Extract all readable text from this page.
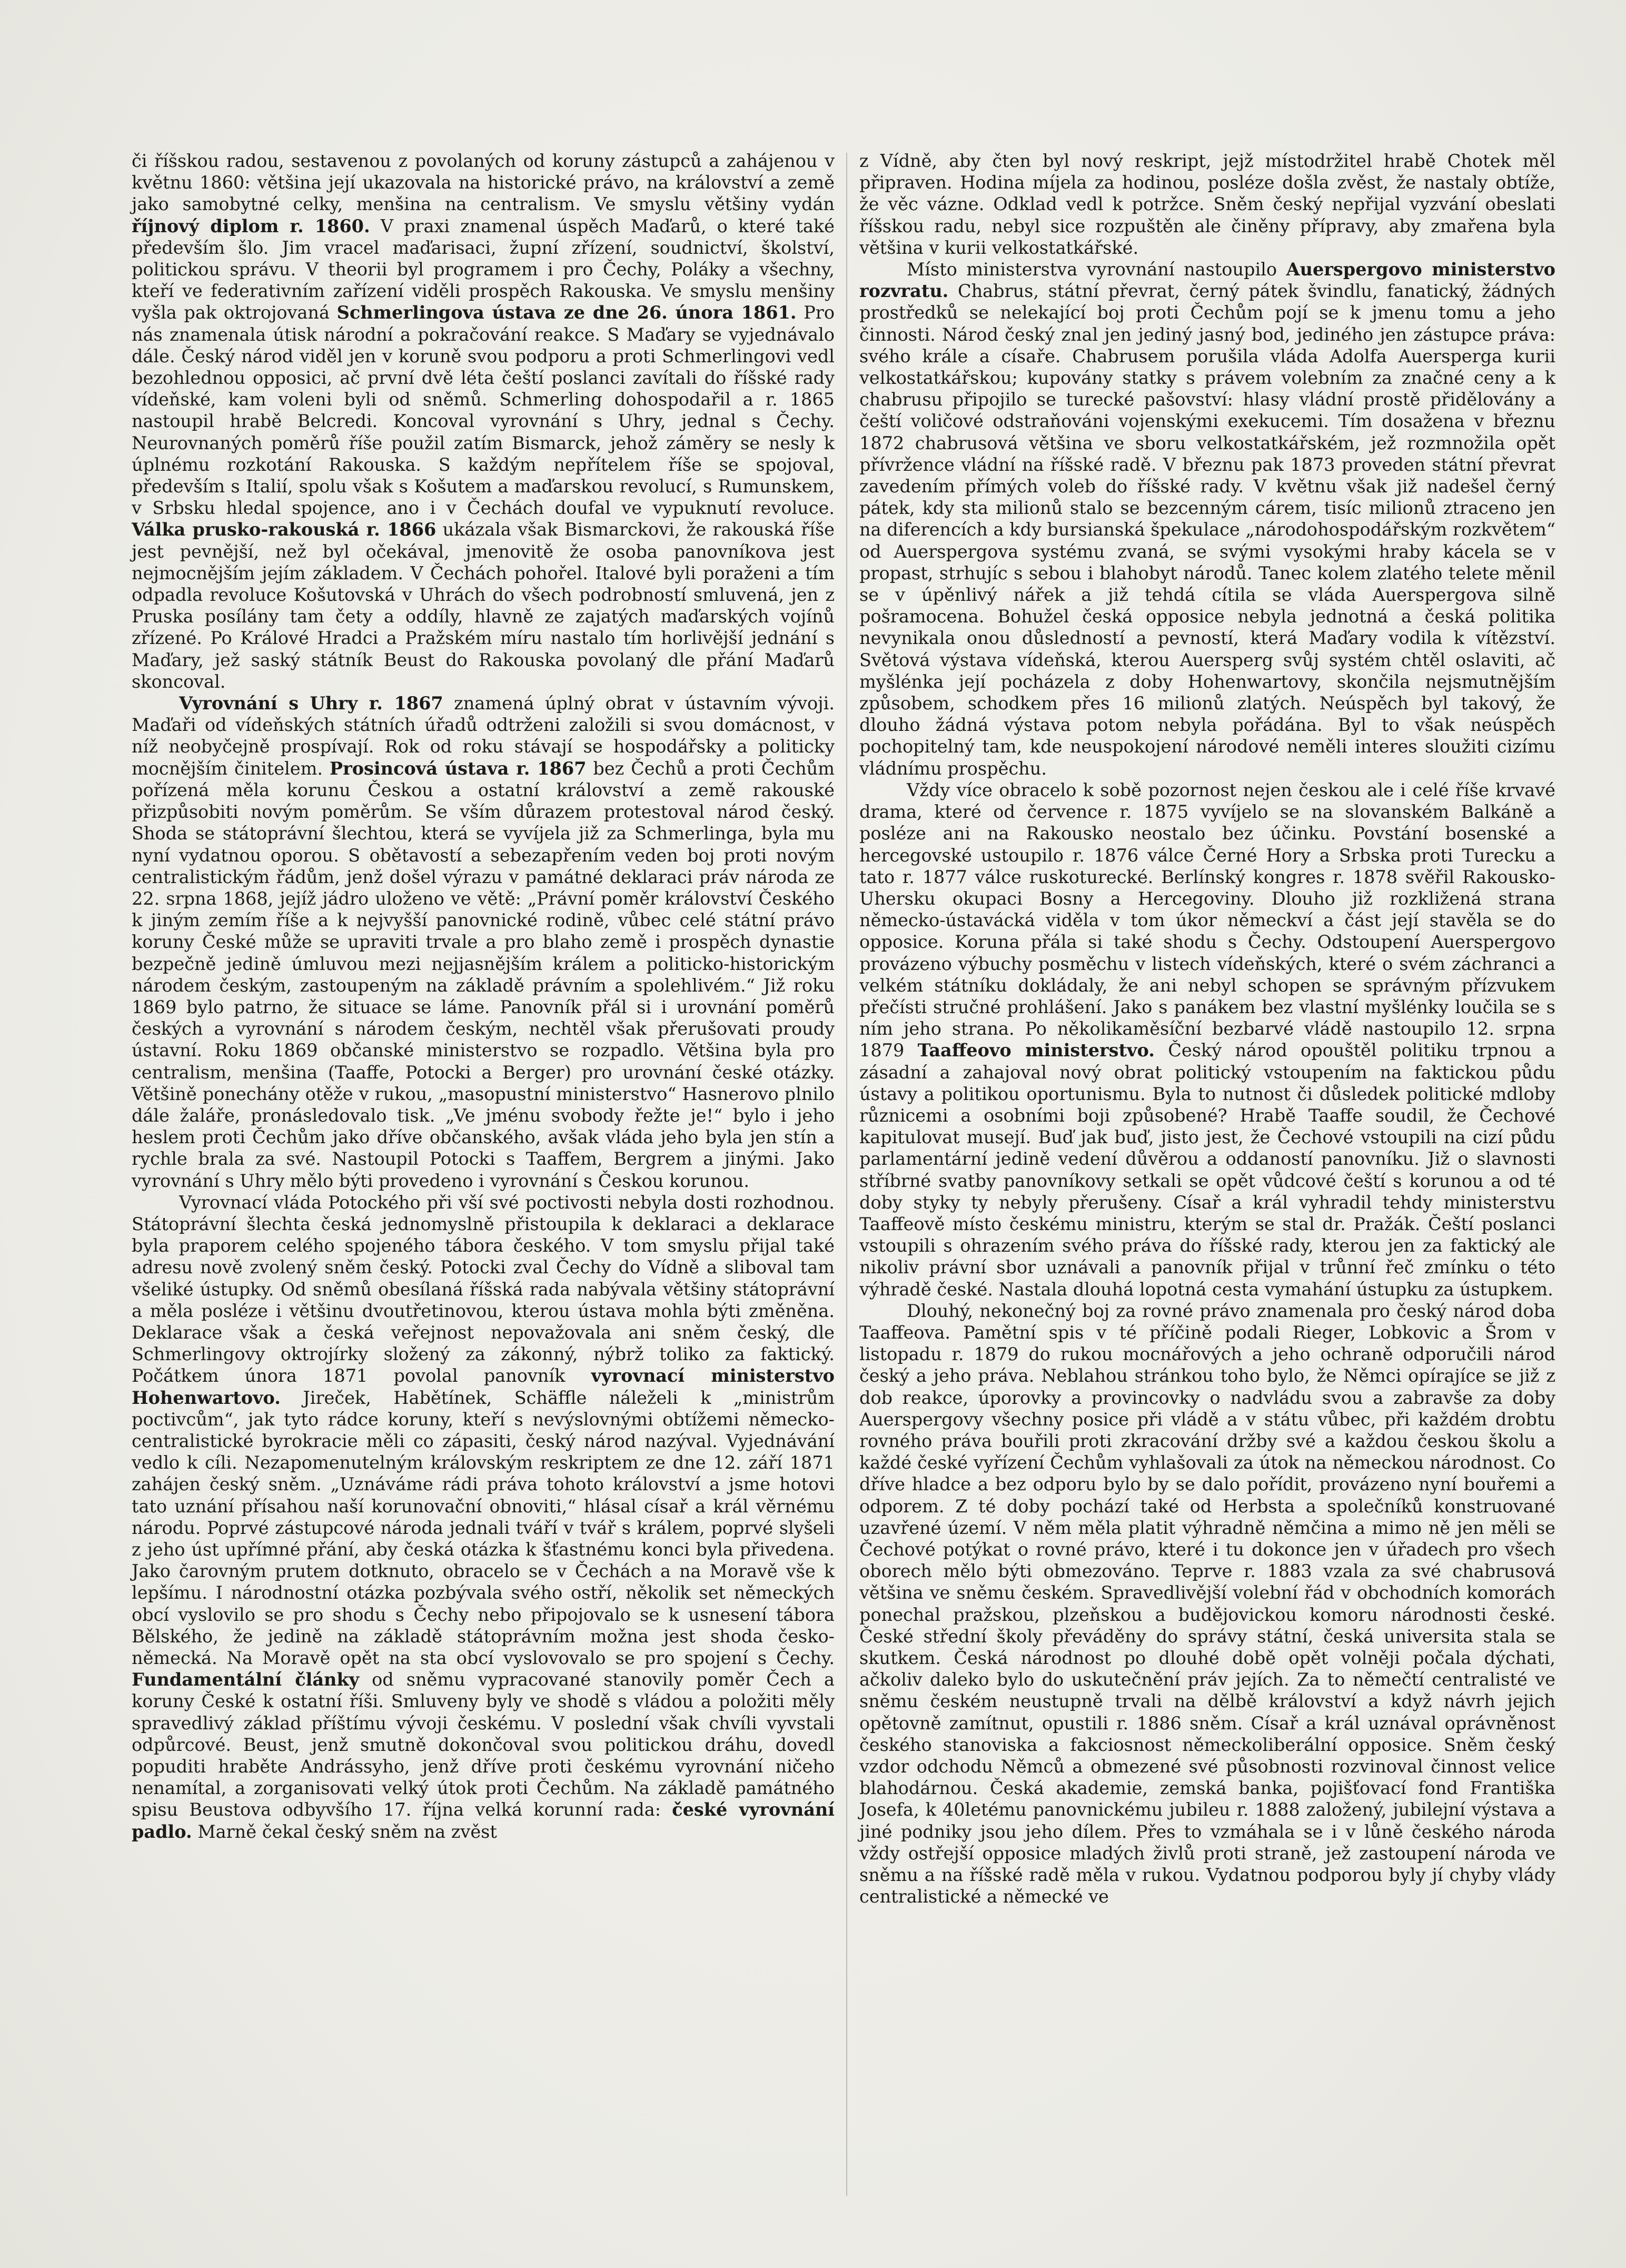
či říšskou radou, sestavenou z povolaných od koruny zástupců a zahájenou v květnu 1860: většina její ukazovala na historické právo, na království a země jako samobytné celky, menšina na centralism. Ve smyslu většiny vydán říjnový diplom r. 1860. V praxi znamenal úspěch Maďarů, o které také především šlo. Jim vracel maďarisaci, župní zřízení, soudnictví, školství, politickou správu. V theorii byl programem i pro Čechy, Poláky a všechny, kteří ve federativním zařízení viděli prospěch Rakouska. Ve smyslu menšiny vyšla pak oktrojovaná Schmerlingova ústava ze dne 26. února 1861. Pro nás znamenala útisk národní a pokračování reakce. S Maďary se vyjednávalo dále. Český národ viděl jen v koruně svou podporu a proti Schmerlingovi vedl bezohlednou opposici, ač první dvě léta čeští poslanci zavítali do říšské rady vídeňské, kam voleni byli od sněmů. Schmerling dohospodařil a r. 1865 nastoupil hrabě Belcredi. Koncoval vyrovnání s Uhry, jednal s Čechy. Neurovnaných poměrů říše použil zatím Bismarck, jehož záměry se nesly k úplnému rozkotání Rakouska. S každým nepřítelem říše se spojoval, především s Italií, spolu však s Košutem a maďarskou revolucí, s Rumunskem, v Srbsku hledal spojence, ano i v Čechách doufal ve vypuknutí revoluce. Válka prusko-rakouská r. 1866 ukázala však Bismarckovi, že rakouská říše jest pevnější, než byl očekával, jmenovitě že osoba panovníkova jest nejmocnějším jejím základem. V Čechách pohořel. Italové byli poraženi a tím odpadla revoluce Košutovská v Uhrách do všech podrobností smluvená, jen z Pruska posílány tam čety a oddíly, hlavně ze zajatých maďarských vojínů zřízené. Po Králové Hradci a Pražském míru nastalo tím horlivější jednání s Maďary, jež saský státník Beust do Rakouska povolaný dle přání Maďarů skoncoval.

Vyrovnání s Uhry r. 1867 znamená úplný obrat v ústavním vývoji. Maďaři od vídeňských státních úřadů odtrženi založili si svou domácnost, v níž neobyčejně prospívají. Rok od roku stávají se hospodářsky a politicky mocnějším činitelem. Prosincová ústava r. 1867 bez Čechů a proti Čechům pořízená měla korunu Českou a ostatní království a země rakouské přizpůsobiti novým poměrům. Se vším důrazem protestoval národ český. Shoda se státoprávní šlechtou, která se vyvíjela již za Schmerlinga, byla mu nyní vydatnou oporou. S obětavostí a sebezapřením veden boj proti novým centralistickým řádům, jenž došel výrazu v památné deklaraci práv národa ze 22. srpna 1868, jejíž jádro uloženo ve větě: „Právní poměr království Českého k jiným zemím říše a k nejvyšší panovnické rodině, vůbec celé státní právo koruny České může se upraviti trvale a pro blaho země i prospěch dynastie bezpečně jedině úmluvou mezi nejjasnějším králem a politicko-historickým národem českým, zastoupeným na základě právním a spolehlivém.“ Již roku 1869 bylo patrno, že situace se láme. Panovník přál si i urovnání poměrů českých a vyrovnání s národem českým, nechtěl však přerušovati proudy ústavní. Roku 1869 občanské ministerstvo se rozpadlo. Většina byla pro centralism, menšina (Taaffe, Potocki a Berger) pro urovnání české otázky. Většině ponechány otěže v rukou, „masopustní ministerstvo“ Hasnerovo plnilo dále žaláře, pronásledovalo tisk. „Ve jménu svobody řežte je!“ bylo i jeho heslem proti Čechům jako dříve občanského, avšak vláda jeho byla jen stín a rychle brala za své. Nastoupil Potocki s Taaffem, Bergrem a jinými. Jako vyrovnání s Uhry mělo býti provedeno i vyrovnání s Českou korunou.

Vyrovnací vláda Potockého při vší své poctivosti nebyla dosti rozhodnou. Státoprávní šlechta česká jednomyslně přistoupila k deklaraci a deklarace byla praporem celého spojeného tábora českého. V tom smyslu přijal také adresu nově zvolený sněm český. Potocki zval Čechy do Vídně a sliboval tam všeliké ústupky. Od sněmů obesílaná říšská rada nabývala většiny státoprávní a měla posléze i většinu dvoutřetinovou, kterou ústava mohla býti změněna. Deklarace však a česká veřejnost nepovažovala ani sněm český, dle Schmerlingovy oktrojírky složený za zákonný, nýbrž toliko za faktický. Počátkem února 1871 povolal panovník vyrovnací ministerstvo Hohenwartovo. Jireček, Habětínek, Schäffle náleželi k „ministrům poctivcům“, jak tyto rádce koruny, kteří s nevýslovnými obtížemi německo-centralistické byrokracie měli co zápasiti, český národ nazýval. Vyjednávání vedlo k cíli. Nezapomenutelným královským reskriptem ze dne 12. září 1871 zahájen český sněm. „Uznáváme rádi práva tohoto království a jsme hotovi tato uznání přísahou naší korunovační obnoviti,“ hlásal císař a král věrnému národu. Poprvé zástupcové národa jednali tváří v tvář s králem, poprvé slyšeli z jeho úst upřímné přání, aby česká otázka k šťastnému konci byla přivedena. Jako čarovným prutem dotknuto, obracelo se v Čechách a na Moravě vše k lepšímu. I národnostní otázka pozbývala svého ostří, několik set německých obcí vyslovilo se pro shodu s Čechy nebo připojovalo se k usnesení tábora Bělského, že jedině na základě státoprávním možna jest shoda česko-německá. Na Moravě opět na sta obcí vyslovovalo se pro spojení s Čechy. Fundamentální články od sněmu vypracované stanovily poměr Čech a koruny České k ostatní říši. Smluveny byly ve shodě s vládou a položiti měly spravedlivý základ příštímu vývoji českému. V poslední však chvíli vyvstali odpůrcové. Beust, jenž smutně dokončoval svou politickou dráhu, dovedl popuditi hraběte Andrássyho, jenž dříve proti českému vyrovnání ničeho nenamítal, a zorganisovati velký útok proti Čechům. Na základě památného spisu Beustova odbyvšího 17. října velká korunní rada: české vyrovnání padlo. Marně čekal český sněm na zvěst

z Vídně, aby čten byl nový reskript, jejž místodržitel hrabě Chotek měl připraven. Hodina míjela za hodinou, posléze došla zvěst, že nastaly obtíže, že věc vázne. Odklad vedl k potržce. Sněm český nepřijal vyzvání obeslati říšskou radu, nebyl sice rozpuštěn ale činěny přípravy, aby zmařena byla většina v kurii velkostatkářské.

Místo ministerstva vyrovnání nastoupilo Auerspergovo ministerstvo rozvratu. Chabrus, státní převrat, černý pátek švindlu, fanatický, žádných prostředků se nelekající boj proti Čechům pojí se k jmenu tomu a jeho činnosti. Národ český znal jen jediný jasný bod, jediného jen zástupce práva: svého krále a císaře. Chabrusem porušila vláda Adolfa Auersperga kurii velkostatkářskou; kupovány statky s právem volebním za značné ceny a k chabrusu připojilo se turecké pašovství: hlasy vládní prostě přidělovány a čeští voličové odstraňováni vojenskými exekucemi. Tím dosažena v březnu 1872 chabrusová většina ve sboru velkostatkářském, jež rozmnožila opět přívržence vládní na říšské radě. V březnu pak 1873 proveden státní převrat zavedením přímých voleb do říšské rady. V květnu však již nadešel černý pátek, kdy sta milionů stalo se bezcenným cárem, tisíc milionů ztraceno jen na diferencích a kdy bursianská špekulace „národohospodářským rozkvětem“ od Auerspergova systému zvaná, se svými vysokými hraby kácela se v propast, strhujíc s sebou i blahobyt národů. Tanec kolem zlatého telete měnil se v úpěnlivý nářek a již tehdá cítila se vláda Auerspergova silně pošramocena. Bohužel česká opposice nebyla jednotná a česká politika nevynikala onou důsledností a pevností, která Maďary vodila k vítězství. Světová výstava vídeňská, kterou Auersperg svůj systém chtěl oslaviti, ač myšlénka její pocházela z doby Hohenwartovy, skončila nejsmutnějším způsobem, schodkem přes 16 milionů zlatých. Neúspěch byl takový, že dlouho žádná výstava potom nebyla pořádána. Byl to však neúspěch pochopitelný tam, kde neuspokojení národové neměli interes sloužiti cizímu vládnímu prospěchu.

Vždy více obracelo k sobě pozornost nejen českou ale i celé říše krvavé drama, které od července r. 1875 vyvíjelo se na slovanském Balkáně a posléze ani na Rakousko neostalo bez účinku. Povstání bosenské a hercegovské ustoupilo r. 1876 válce Černé Hory a Srbska proti Turecku a tato r. 1877 válce ruskoturecké. Berlínský kongres r. 1878 svěřil Rakousko-Uhersku okupaci Bosny a Hercegoviny. Dlouho již rozkližená strana německo-ústavácká viděla v tom úkor německví a část její stavěla se do opposice. Koruna přála si také shodu s Čechy. Odstoupení Auerspergovo provázeno výbuchy posměchu v listech vídeňských, které o svém záchranci a velkém státníku dokládaly, že ani nebyl schopen se správným přízvukem přečísti stručné prohlášení. Jako s panákem bez vlastní myšlénky loučila se s ním jeho strana. Po několikaměsíční bezbarvé vládě nastoupilo 12. srpna 1879 Taaffeovo ministerstvo. Český národ opouštěl politiku trpnou a zásadní a zahajoval nový obrat politický vstoupením na faktickou půdu ústavy a politikou oportunismu. Byla to nutnost či důsledek politické mdloby různicemi a osobními boji způsobené? Hrabě Taaffe soudil, že Čechové kapitulovat musejí. Buď jak buď, jisto jest, že Čechové vstoupili na cizí půdu parlamentární jedině vedení důvěrou a oddaností panovníku. Již o slavnosti stříbrné svatby panovníkovy setkali se opět vůdcové čeští s korunou a od té doby styky ty nebyly přerušeny. Císař a král vyhradil tehdy ministerstvu Taaffeově místo českému ministru, kterým se stal dr. Pražák. Čeští poslanci vstoupili s ohrazením svého práva do říšské rady, kterou jen za faktický ale nikoliv právní sbor uznávali a panovník přijal v trůnní řeč zmínku o této výhradě české. Nastala dlouhá lopotná cesta vymahání ústupku za ústupkem.

Dlouhý, nekonečný boj za rovné právo znamenala pro český národ doba Taaffeova. Pamětní spis v té příčině podali Rieger, Lobkovic a Šrom v listopadu r. 1879 do rukou mocnářových a jeho ochraně odporučili národ český a jeho práva. Neblahou stránkou toho bylo, že Němci opírajíce se již z dob reakce, úporovky a provincovky o nadvládu svou a zabravše za doby Auerspergovy všechny posice při vládě a v státu vůbec, při každém drobtu rovného práva bouřili proti zkracování držby své a každou českou školu a každé české vyřízení Čechům vyhlašovali za útok na německou národnost. Co dříve hladce a bez odporu bylo by se dalo pořídit, provázeno nyní bouřemi a odporem. Z té doby pochází také od Herbsta a společníků konstruované uzavřené území. V něm měla platit výhradně němčina a mimo ně jen měli se Čechové potýkat o rovné právo, které i tu dokonce jen v úřadech pro všech oborech mělo býti obmezováno. Teprve r. 1883 vzala za své chabrusová většina ve sněmu českém. Spravedlivější volební řád v obchodních komorách ponechal pražskou, plzeňskou a budějovickou komoru národnosti české. České střední školy převáděny do správy státní, česká universita stala se skutkem. Česká národnost po dlouhé době opět volněji počala dýchati, ačkoliv daleko bylo do uskutečnění práv jejích. Za to němečtí centralisté ve sněmu českém neustupně trvali na dělbě království a když návrh jejich opětovně zamítnut, opustili r. 1886 sněm. Císař a král uznával oprávněnost českého stanoviska a fakciosnost německoliberální opposice. Sněm český vzdor odchodu Němců a obmezené své působnosti rozvinoval činnost velice blahodárnou. Česká akademie, zemská banka, pojišťovací fond Františka Josefa, k 40letému panovnickému jubileu r. 1888 založený, jubilejní výstava a jiné podniky jsou jeho dílem. Přes to vzmáhala se i v lůně českého národa vždy ostřejší opposice mladých živlů proti straně, jež zastoupení národa ve sněmu a na říšské radě měla v rukou. Vydatnou podporou byly jí chyby vlády centralistické a německé ve
